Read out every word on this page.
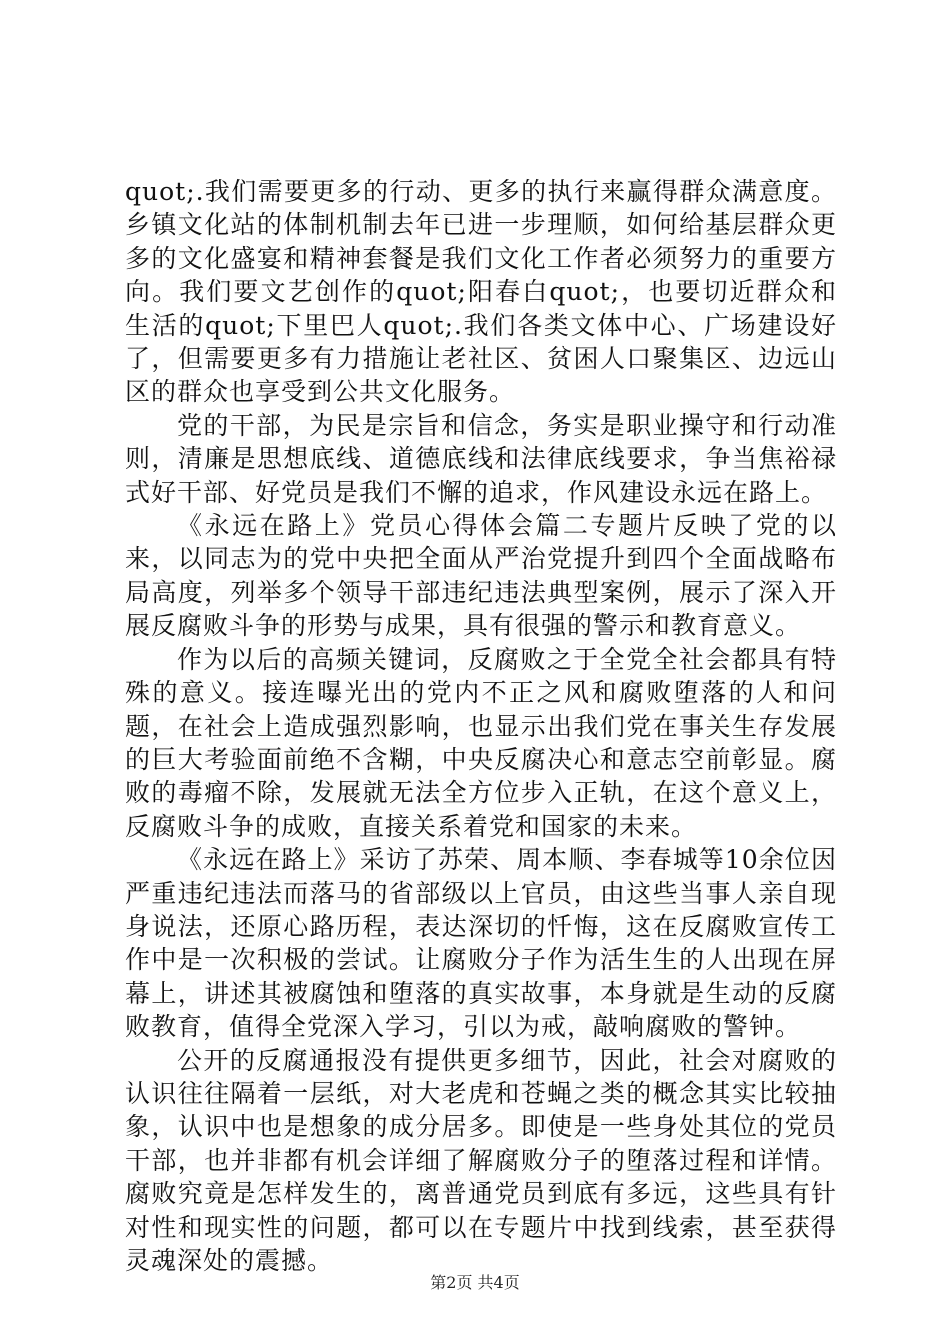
quot;.我们需要更多的行动、更多的执行来赢得群众满意度。乡镇文化站的体制机制去年已进一步理顺，如何给基层群众更多的文化盛宴和精神套餐是我们文化工作者必须努力的重要方向。我们要文艺创作的quot;阳春白quot;，也要切近群众和生活的quot;下里巴人quot;.我们各类文体中心、广场建设好了，但需要更多有力措施让老社区、贫困人口聚集区、边远山区的群众也享受到公共文化服务。

党的干部，为民是宗旨和信念，务实是职业操守和行动准则，清廉是思想底线、道德底线和法律底线要求，争当焦裕禄式好干部、好党员是我们不懈的追求，作风建设永远在路上。

《永远在路上》党员心得体会篇二专题片反映了党的以来，以同志为的党中央把全面从严治党提升到四个全面战略布局高度，列举多个领导干部违纪违法典型案例，展示了深入开展反腐败斗争的形势与成果，具有很强的警示和教育意义。

作为以后的高频关键词，反腐败之于全党全社会都具有特殊的意义。接连曝光出的党内不正之风和腐败堕落的人和问题，在社会上造成强烈影响，也显示出我们党在事关生存发展的巨大考验面前绝不含糊，中央反腐决心和意志空前彰显。腐败的毒瘤不除，发展就无法全方位步入正轨，在这个意义上，反腐败斗争的成败，直接关系着党和国家的未来。

《永远在路上》采访了苏荣、周本顺、李春城等10余位因严重违纪违法而落马的省部级以上官员，由这些当事人亲自现身说法，还原心路历程，表达深切的忏悔，这在反腐败宣传工作中是一次积极的尝试。让腐败分子作为活生生的人出现在屏幕上，讲述其被腐蚀和堕落的真实故事，本身就是生动的反腐败教育，值得全党深入学习，引以为戒，敲响腐败的警钟。

公开的反腐通报没有提供更多细节，因此，社会对腐败的认识往往隔着一层纸，对大老虎和苍蝇之类的概念其实比较抽象，认识中也是想象的成分居多。即使是一些身处其位的党员干部，也并非都有机会详细了解腐败分子的堕落过程和详情。腐败究竟是怎样发生的，离普通党员到底有多远，这些具有针对性和现实性的问题，都可以在专题片中找到线索，甚至获得灵魂深处的震撼。

第2页 共4页
